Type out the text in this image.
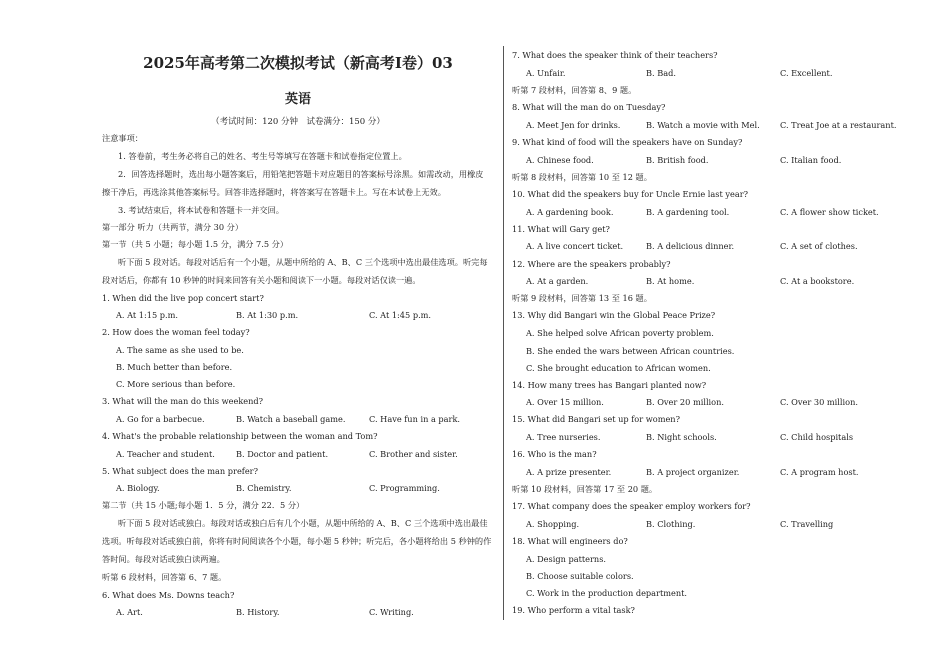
2025年高考第二次模拟考试（新高考I卷）03
英语
（考试时间：120 分钟　试卷满分：150 分）
注意事项：
1. 答卷前，考生务必将自己的姓名、考生号等填写在答题卡和试卷指定位置上。
2．回答选择题时，选出每小题答案后，用铅笔把答题卡对应题目的答案标号涂黑。如需改动，用橡皮
擦干净后，再选涂其他答案标号。回答非选择题时，将答案写在答题卡上。写在本试卷上无效。
3. 考试结束后，将本试卷和答题卡一并交回。
第一部分 听力（共两节，满分 30 分）
第一节（共 5 小题；每小题 1.5 分，满分 7.5 分）
听下面 5 段对话。每段对话后有一个小题，从题中所给的 A、B、C 三个选项中选出最佳选项。听完每
段对话后，你都有 10 秒钟的时间来回答有关小题和阅读下一小题。每段对话仅读一遍。
1. When did the live pop concert start?
A. At 1:15 p.m.	B. At 1:30 p.m.	C. At 1:45 p.m.
2. How does the woman feel today?
A. The same as she used to be.
B. Much better than before.
C. More serious than before.
3. What will the man do this weekend?
A. Go for a barbecue.	B. Watch a baseball game.	C. Have fun in a park.
4. What's the probable relationship between the woman and Tom?
A. Teacher and student.	B. Doctor and patient.	C. Brother and sister.
5. What subject does the man prefer?
A. Biology.	B. Chemistry.	C. Programming.
第二节（共 15 小题;每小题 1．5 分，满分 22．5 分）
听下面 5 段对话或独白。每段对话或独白后有几个小题，从题中所给的 A、B、C 三个选项中选出最佳
选项。听每段对话或独白前，你将有时间阅读各个小题，每小题 5 秒钟；听完后，各小题将给出 5 秒钟的作
答时间。每段对话或独白读两遍。
听第 6 段材料，回答第 6、7 题。
6. What does Ms. Downs teach?
A. Art.	B. History.	C. Writing.
7. What does the speaker think of their teachers?
A. Unfair.	B. Bad.	C. Excellent.
听第 7 段材料，回答第 8、9 题。
8. What will the man do on Tuesday?
A. Meet Jen for drinks.	B. Watch a movie with Mel. C. Treat Joe at a restaurant.
9. What kind of food will the speakers have on Sunday?
A. Chinese food.	B. British food.	C. Italian food.
听第 8 段材料，回答第 10 至 12 题。
10. What did the speakers buy for Uncle Ernie last year?
A. A gardening book.	B. A gardening tool.	C. A flower show ticket.
11. What will Gary get?
A. A live concert ticket.	B. A delicious dinner.	C. A set of clothes.
12. Where are the speakers probably?
A. At a garden.	B. At home.	C. At a bookstore.
听第 9 段材料，回答第 13 至 16 题。
13. Why did Bangari win the Global Peace Prize?
A. She helped solve African poverty problem.
B. She ended the wars between African countries.
C. She brought education to African women.
14. How many trees has Bangari planted now?
A. Over 15 million.	B. Over 20 million.	C. Over 30 million.
15. What did Bangari set up for women?
A. Tree nurseries.	B. Night schools.	C. Child hospitals
16. Who is the man?
A. A prize presenter.	B. A project organizer.	C. A program host.
听第 10 段材料，回答第 17 至 20 题。
17. What company does the speaker employ workers for?
A. Shopping.	B. Clothing.	C. Travelling
18. What will engineers do?
A. Design patterns.
B. Choose suitable colors.
C. Work in the production department.
19. Who perform a vital task?
